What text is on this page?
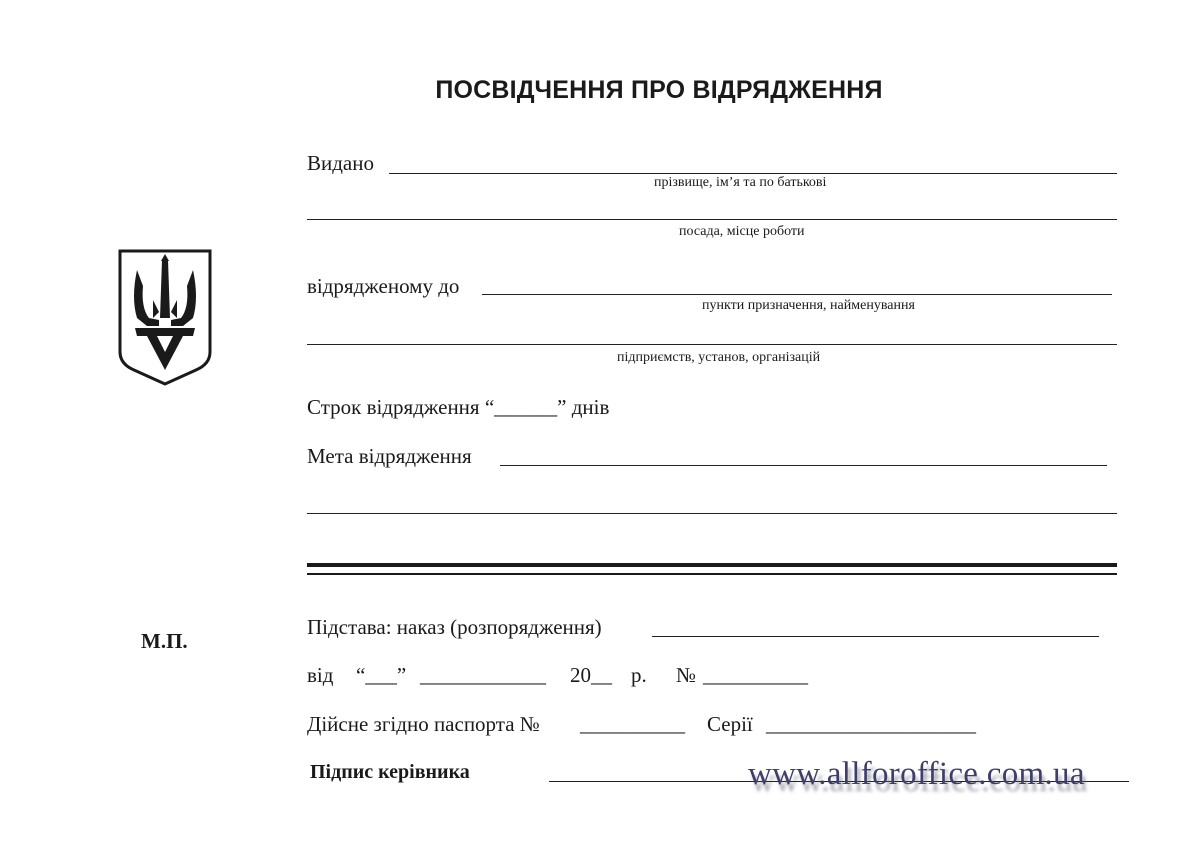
ПОСВІДЧЕННЯ ПРО ВІДРЯДЖЕННЯ
Видано
прізвище, ім’я та по батькові
посада, місце роботи
відрядженому до
пункти призначення, найменування
підприємств, установ, організацій
Строк відрядження “______” днів
Мета відрядження
М.П.
Підстава: наказ (розпорядження)
від “___” ____________ 20__ р. № __________
Дійсне згідно паспорта № __________ Серії ____________________
Підпис керівника	www.allforoffice.com.ua
